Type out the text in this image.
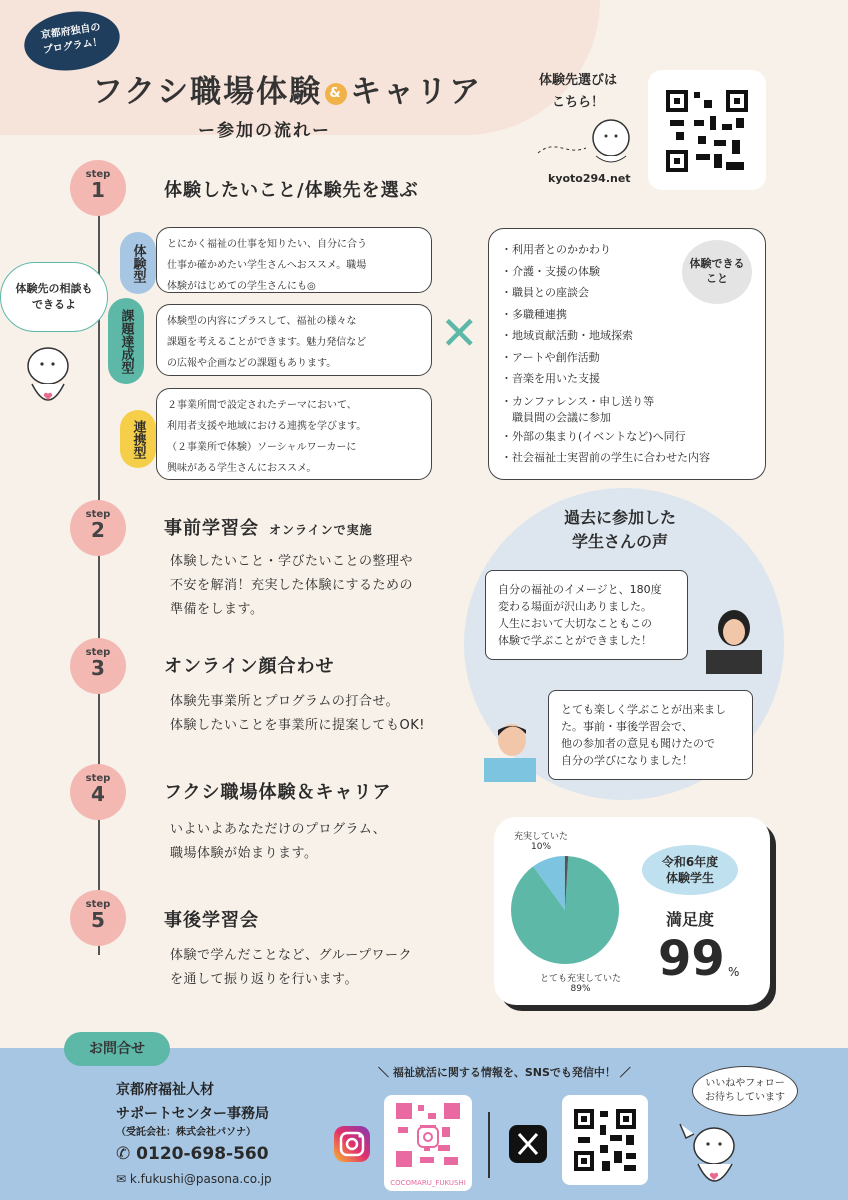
京都府独自の
プログラム！
フクシ職場体験 & キャリア
ー参加の流れー
体験先選びは
こちら！
kyoto294.net
step
1	体験したいこと/体験先を選ぶ
体験型	とにかく福祉の仕事を知りたい、自分に合う
仕事か確かめたい学生さんへおススメ。職場
体験がはじめての学生さんにも◎
課題達成型	体験型の内容にプラスして、福祉の様々な
課題を考えることができます。魅力発信など
の広報や企画などの課題もあります。
連携型
２事業所間で設定されたテーマにおいて、
利用者支援や地域における連携を学びます。
（２事業所で体験）ソーシャルワーカーに
興味がある学生さんにおススメ。
✕
・利用者とのかかわり
・介護・支援の体験
・職員との座談会
・多職種連携
・地域貢献活動・地域探索
・アートや創作活動
・音楽を用いた支援
・カンファレンス・申し送り等
　職員間の会議に参加
・外部の集まり(イベントなど)へ同行
・社会福祉士実習前の学生に合わせた内容
体験できる
こと
体験先の相談も
できるよ
step
2	事前学習会 オンラインで実施
体験したいこと・学びたいことの整理や
不安を解消！充実した体験にするための
準備をします。
step
3	オンライン顔合わせ
体験先事業所とプログラムの打合せ。
体験したいことを事業所に提案してもOK!
step
4	フクシ職場体験＆キャリア
いよいよあなただけのプログラム、
職場体験が始まります。
step
5	事後学習会
体験で学んだことなど、グループワーク
を通して振り返りを行います。
過去に参加した
学生さんの声
自分の福祉のイメージと、180度
変わる場面が沢山ありました。
人生において大切なこともこの
体験で学ぶことができました！
とても楽しく学ぶことが出来まし
た。事前・事後学習会で、
他の参加者の意見も聞けたので
自分の学びになりました！
充実していた
10%
とても充実していた
89%
令和6年度
体験学生
満足度
99 %
お問合せ
京都府福祉人材
サポートセンター事務局
（受託会社：株式会社パソナ）
✆ 0120-698-560
✉ k.fukushi@pasona.co.jp
＼ 福祉就活に関する情報を、SNSでも発信中！ ／
COCOMARU_FUKUSHI
いいねやフォロー
お待ちしています
